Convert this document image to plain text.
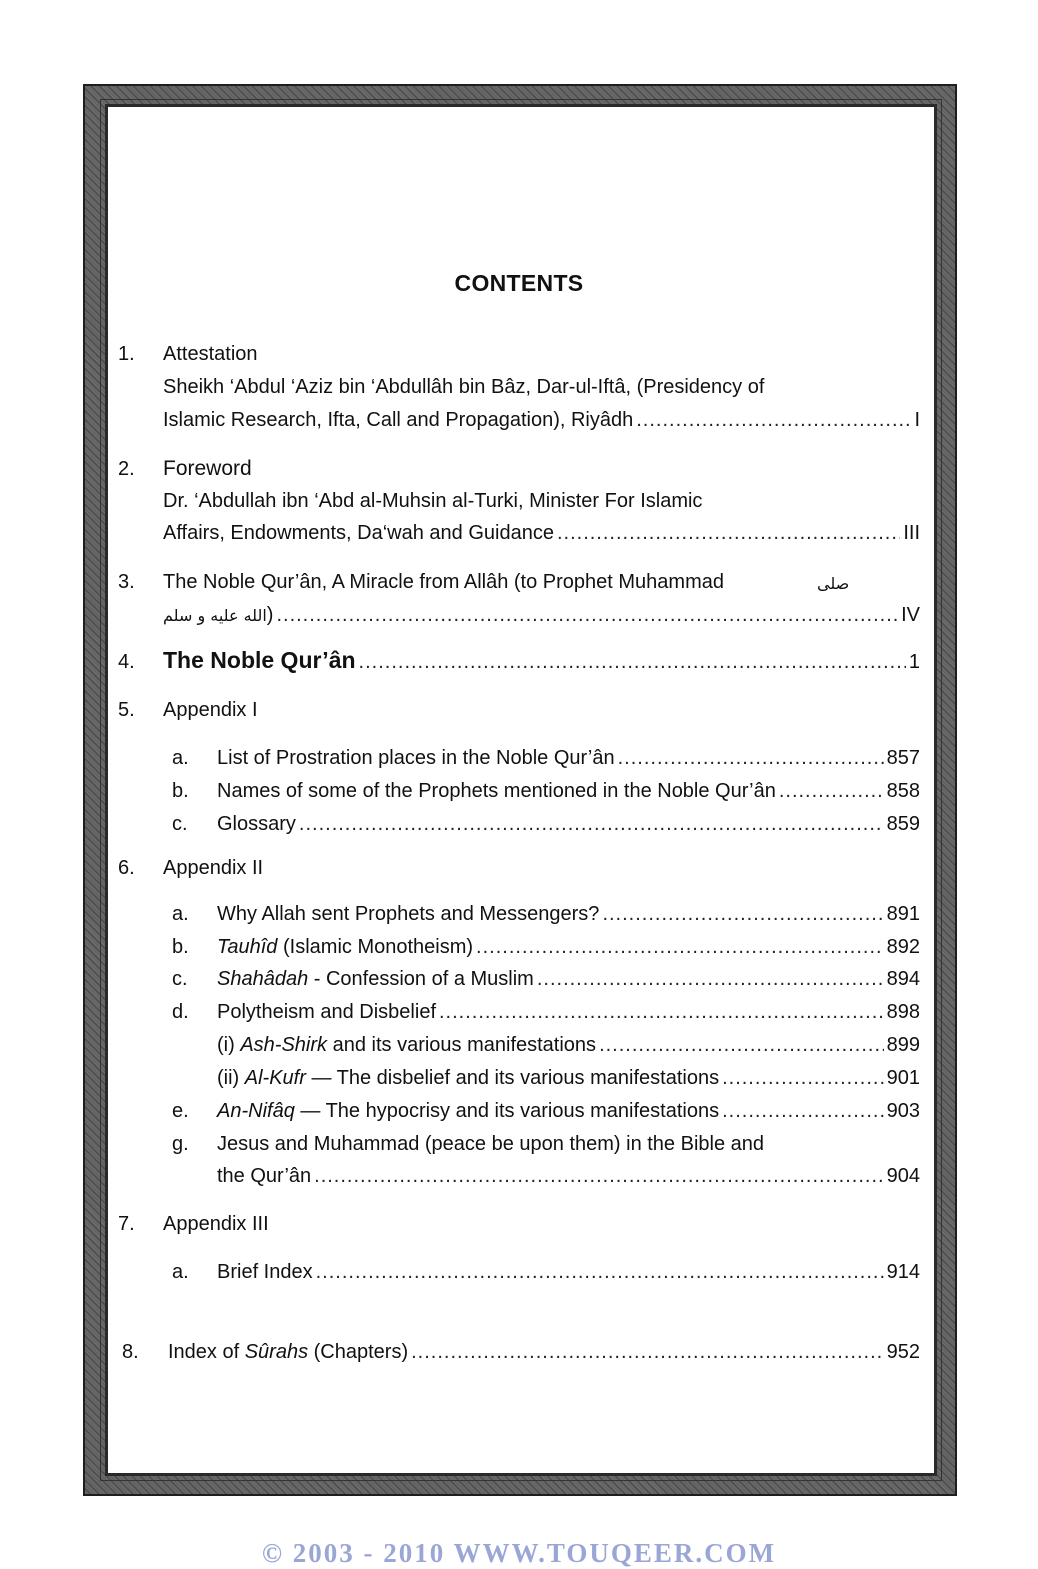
CONTENTS
1.	Attestation
Sheikh ‘Abdul ‘Aziz bin ‘Abdullâh bin Bâz, Dar-ul-Iftâ, (Presidency of
Islamic Research, Ifta, Call and Propagation), Riyâdh .....	I
2.	Foreword
Dr. ‘Abdullah ibn ‘Abd al-Muhsin al-Turki, Minister For Islamic
Affairs, Endowments, Da‘wah and Guidance .....	III
3.	The Noble Qur’ân, A Miracle from Allâh (to Prophet Muhammad	صلى
الله عليه و سلم ) .....	IV
4.	The Noble Qur’ân .....	1
5.	Appendix I
a.	List of Prostration places in the Noble Qur’ân .....	857
b.	Names of some of the Prophets mentioned in the Noble Qur’ân .....	858
c.	Glossary .....	859
6.	Appendix II
a.	Why Allah sent Prophets and Messengers? .....	891
b.	Tauhîd (Islamic Monotheism) .....	892
c.	Shahâdah - Confession of a Muslim .....	894
d.	Polytheism and Disbelief .....	898
(i) Ash-Shirk and its various manifestations .....	899
(ii) Al-Kufr — The disbelief and its various manifestations .....	901
e.	An-Nifâq — The hypocrisy and its various manifestations .....	903
g.	Jesus and Muhammad (peace be upon them) in the Bible and
the Qur’ân .....	904
7.	Appendix III
a.	Brief Index .....	914
8.	Index of Sûrahs (Chapters) .....	952
© 2003 - 2010 WWW.TOUQEER.COM
